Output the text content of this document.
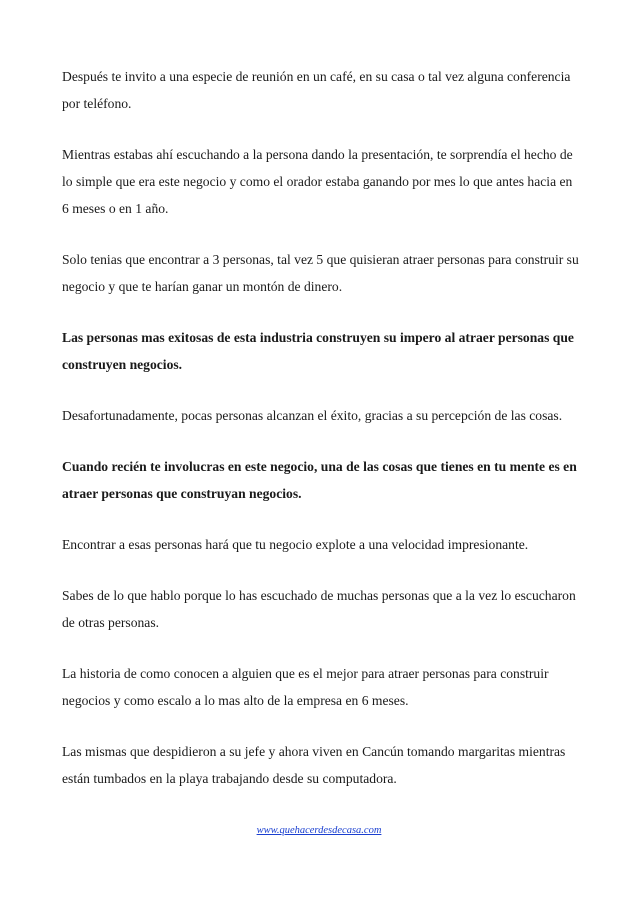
Después te invito a una especie de reunión en un café, en su casa o tal vez alguna conferencia por teléfono.

Mientras estabas ahí escuchando a la persona dando la presentación, te sorprendía el hecho de lo simple que era este negocio y como el orador estaba ganando por mes lo que antes hacia en 6 meses o en 1 año.

Solo tenias que encontrar a 3 personas, tal vez 5 que quisieran atraer personas para construir su negocio y que te harían ganar un montón de dinero.

Las personas mas exitosas de esta industria construyen su impero al atraer personas que construyen negocios.

Desafortunadamente, pocas personas alcanzan el éxito, gracias a su percepción de las cosas.

Cuando recién te involucras en este negocio, una de las cosas que tienes en tu mente es en atraer personas que construyan negocios.

Encontrar a esas personas hará que tu negocio explote a una velocidad impresionante.

Sabes de lo que hablo porque lo has escuchado de muchas personas que a la vez lo escucharon de otras personas.

La historia de como conocen a alguien que es el mejor para atraer personas para construir negocios y como escalo a lo mas alto de la empresa en 6 meses.

Las mismas que despidieron a su jefe y ahora viven en Cancún tomando margaritas mientras están tumbados en la playa trabajando desde su computadora.

www.quehacerdesdecasa.com
